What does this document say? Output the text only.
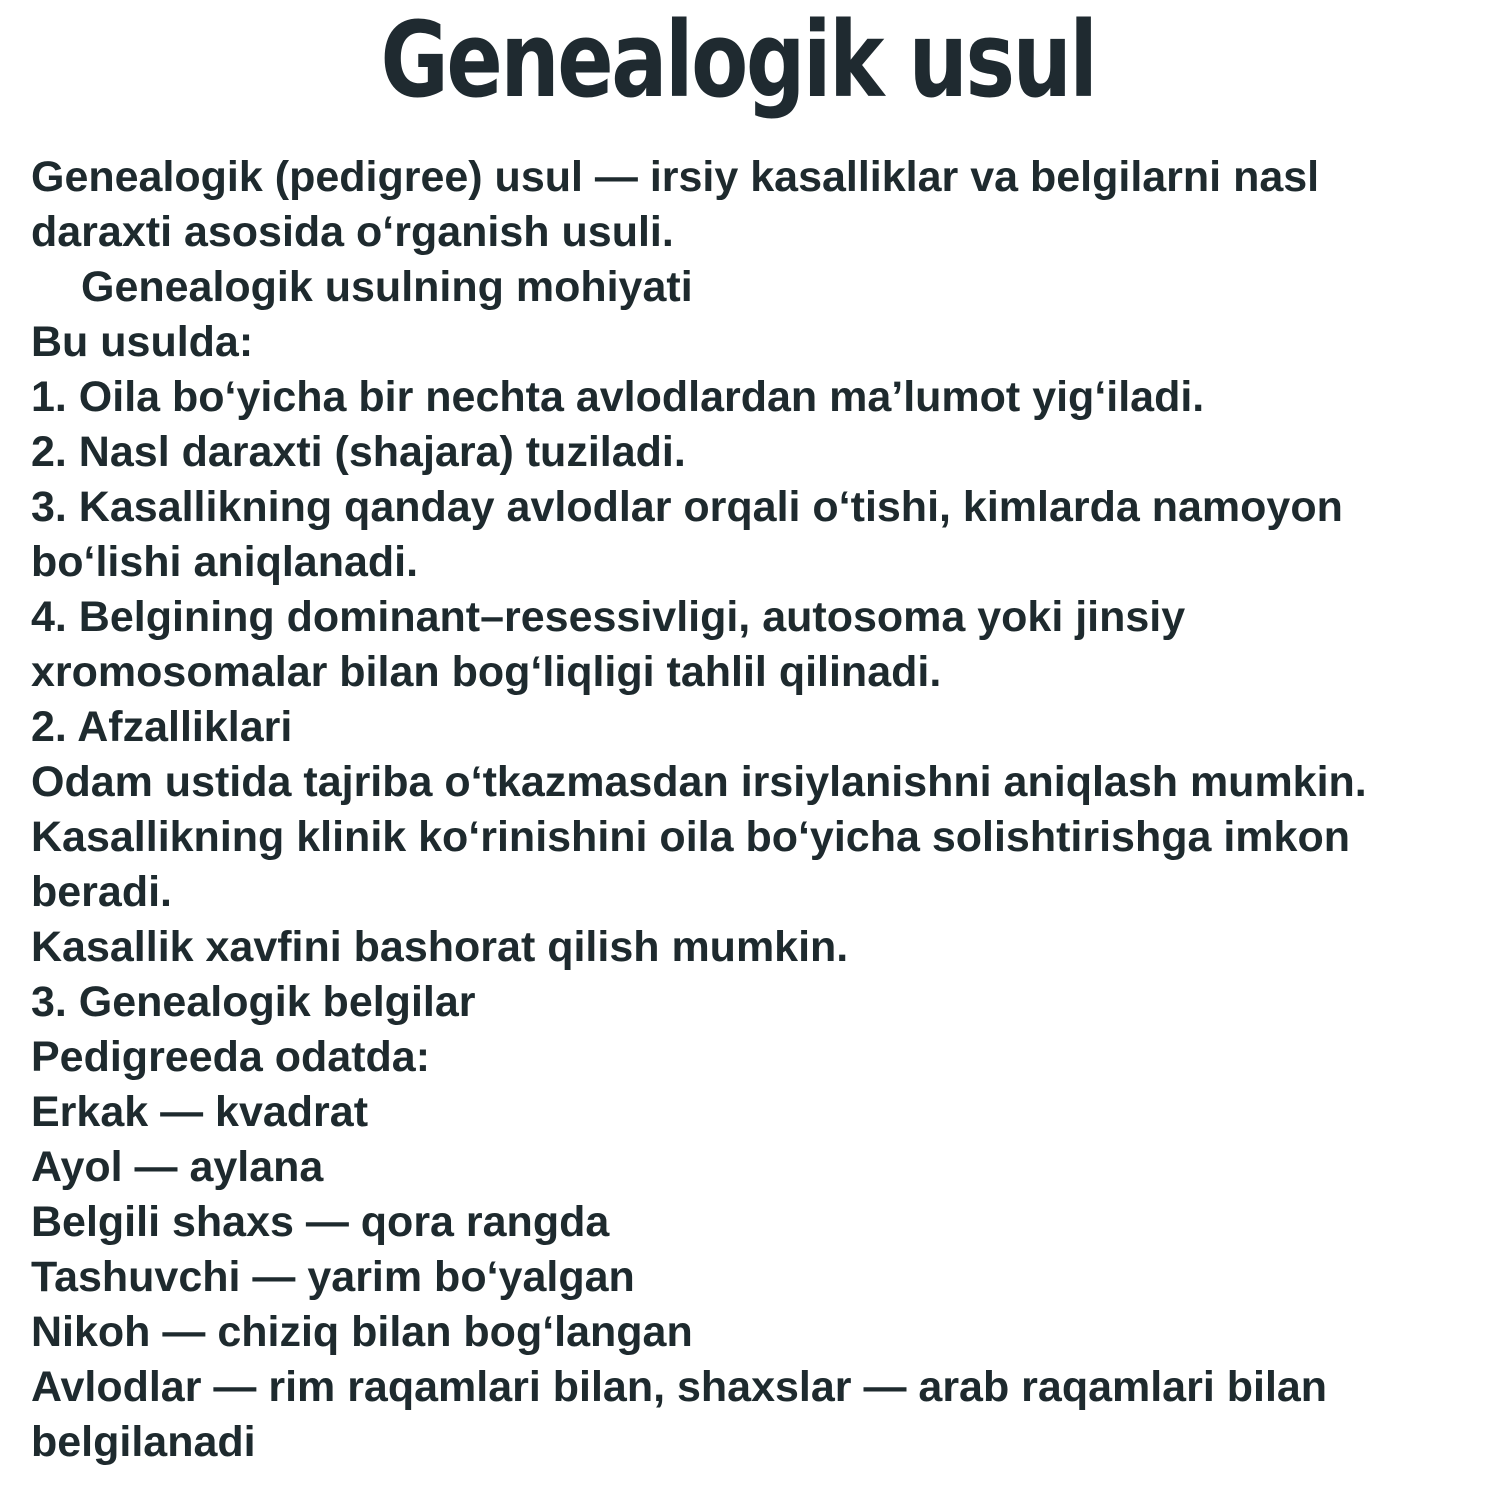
Genealogik usul
Genealogik (pedigree) usul — irsiy kasalliklar va belgilarni nasl
daraxti asosida o‘rganish usuli.
Genealogik usulning mohiyati
Bu usulda:
1. Oila bo‘yicha bir nechta avlodlardan ma’lumot yig‘iladi.
2. Nasl daraxti (shajara) tuziladi.
3. Kasallikning qanday avlodlar orqali o‘tishi, kimlarda namoyon
bo‘lishi aniqlanadi.
4. Belgining dominant–resessivligi, autosoma yoki jinsiy
xromosomalar bilan bog‘liqligi tahlil qilinadi.
2. Afzalliklari
Odam ustida tajriba o‘tkazmasdan irsiylanishni aniqlash mumkin.
Kasallikning klinik ko‘rinishini oila bo‘yicha solishtirishga imkon
beradi.
Kasallik xavfini bashorat qilish mumkin.
3. Genealogik belgilar
Pedigreeda odatda:
Erkak — kvadrat
Ayol — aylana
Belgili shaxs — qora rangda
Tashuvchi — yarim bo‘yalgan
Nikoh — chiziq bilan bog‘langan
Avlodlar — rim raqamlari bilan, shaxslar — arab raqamlari bilan
belgilanadi
